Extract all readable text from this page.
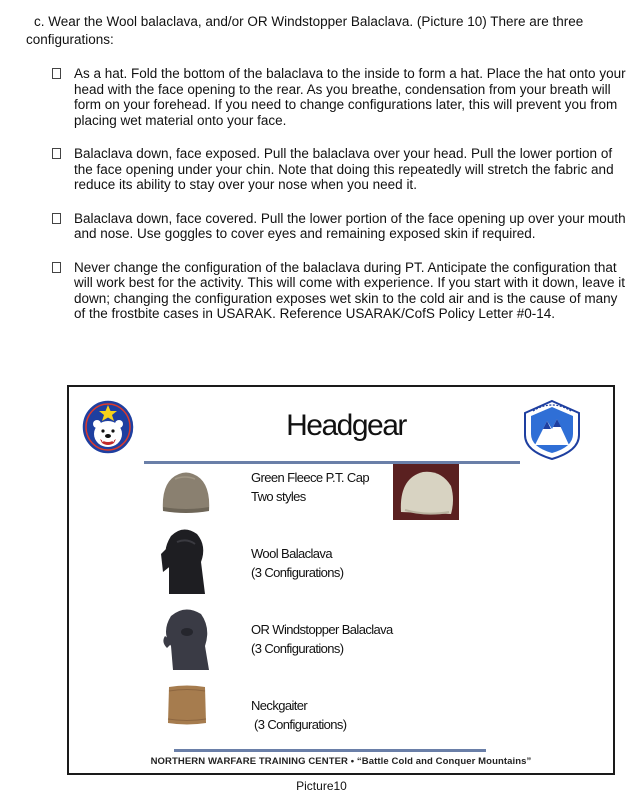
c. Wear the Wool balaclava, and/or OR Windstopper Balaclava. (Picture 10) There are three configurations:
As a hat. Fold the bottom of the balaclava to the inside to form a hat. Place the hat onto your head with the face opening to the rear. As you breathe, condensation from your breath will form on your forehead. If you need to change configurations later, this will prevent you from placing wet material onto your face.
Balaclava down, face exposed. Pull the balaclava over your head. Pull the lower portion of the face opening under your chin. Note that doing this repeatedly will stretch the fabric and reduce its ability to stay over your nose when you need it.
Balaclava down, face covered. Pull the lower portion of the face opening up over your mouth and nose. Use goggles to cover eyes and remaining exposed skin if required.
Never change the configuration of the balaclava during PT. Anticipate the configuration that will work best for the activity. This will come with experience. If you start with it down, leave it down; changing the configuration exposes wet skin to the cold air and is the cause of many of the frostbite cases in USARAK. Reference USARAK/CofS Policy Letter #0-14.
Headgear
Green Fleece P.T. Cap
Two styles
Wool Balaclava
(3 Configurations)
OR Windstopper Balaclava
(3 Configurations)
Neckgaiter
(3 Configurations)
NORTHERN WARFARE TRAINING CENTER • “Battle Cold and Conquer Mountains”
Picture10
